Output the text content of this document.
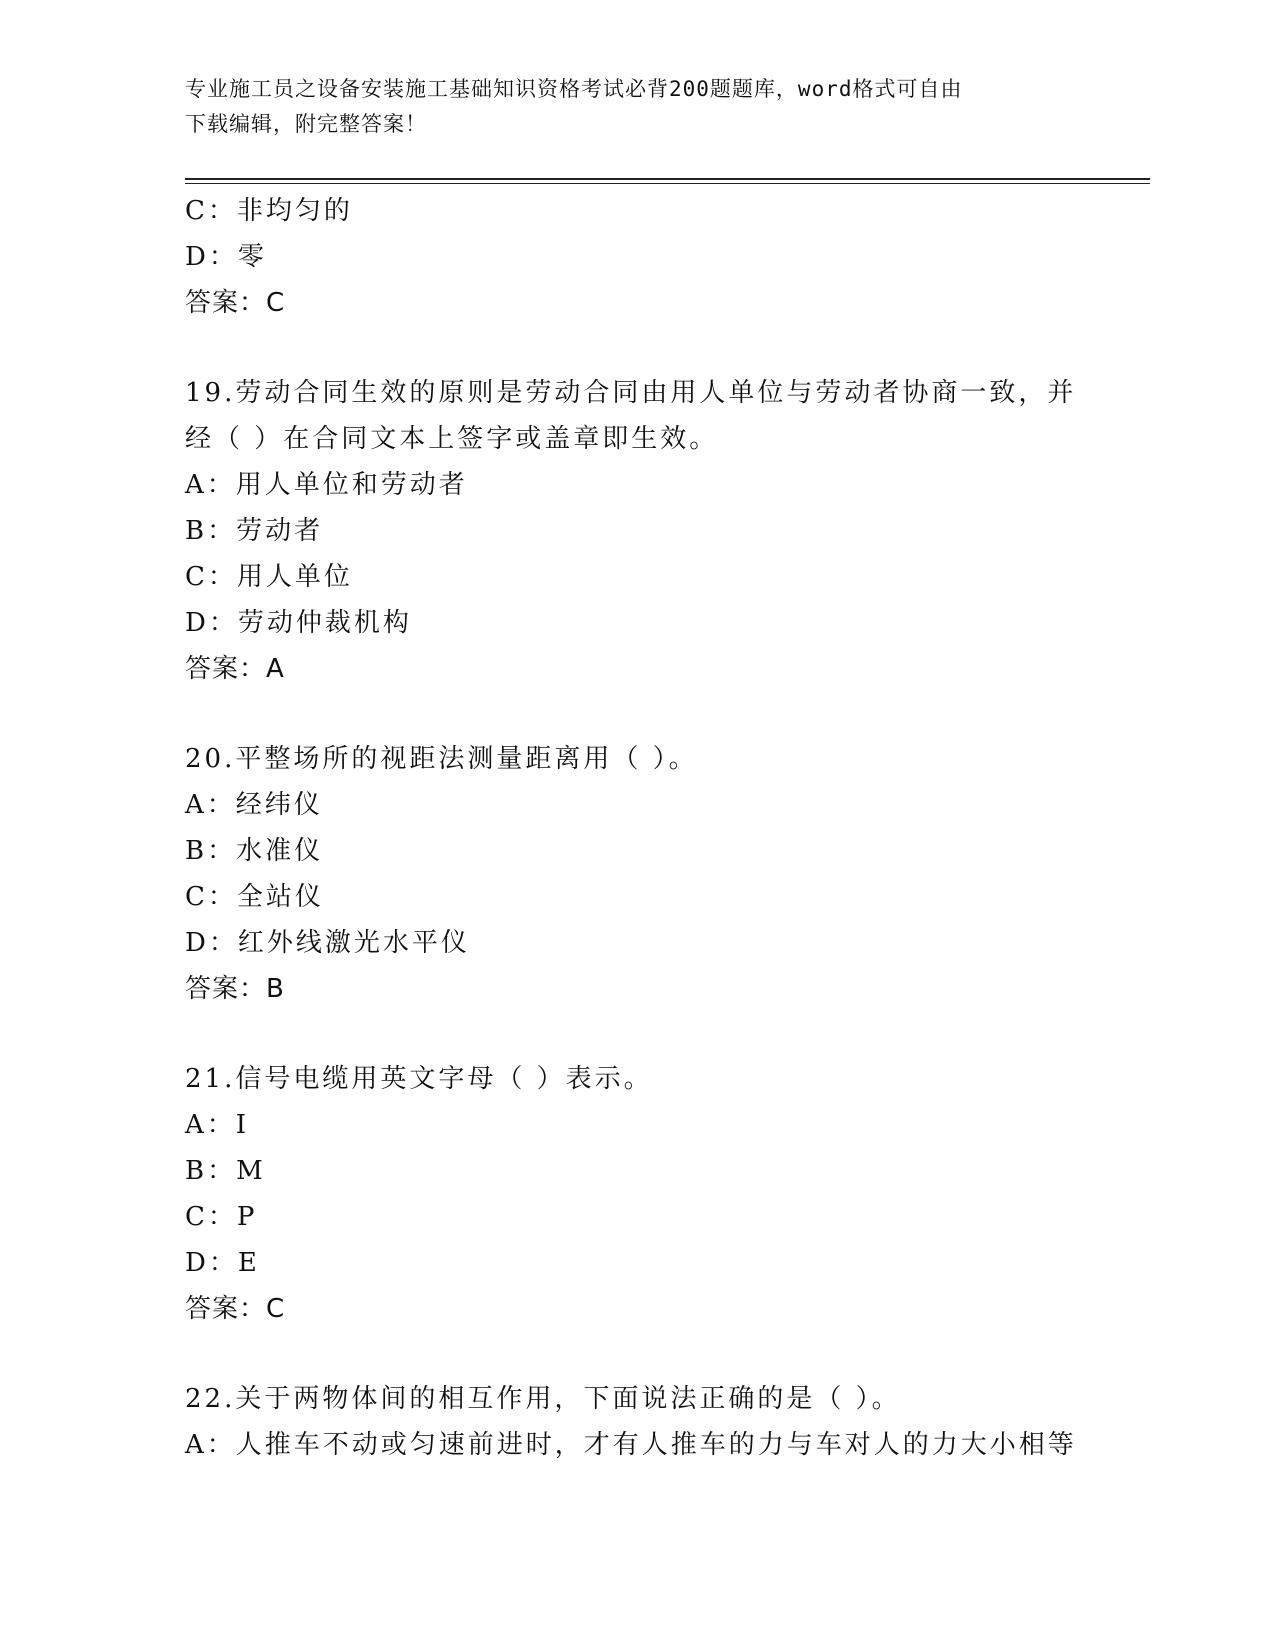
专业施工员之设备安装施工基础知识资格考试必背200题题库，word格式可自由
下载编辑，附完整答案！
C：非均匀的
D：零
答案：C
19.劳动合同生效的原则是劳动合同由用人单位与劳动者协商一致，并
经（ ）在合同文本上签字或盖章即生效。
A：用人单位和劳动者
B：劳动者
C：用人单位
D：劳动仲裁机构
答案：A
20.平整场所的视距法测量距离用（ ）。
A：经纬仪
B：水准仪
C：全站仪
D：红外线激光水平仪
答案：B
21.信号电缆用英文字母（ ）表示。
A：I
B：M
C：P
D：E
答案：C
22.关于两物体间的相互作用，下面说法正确的是（ ）。
A：人推车不动或匀速前进时，才有人推车的力与车对人的力大小相等
